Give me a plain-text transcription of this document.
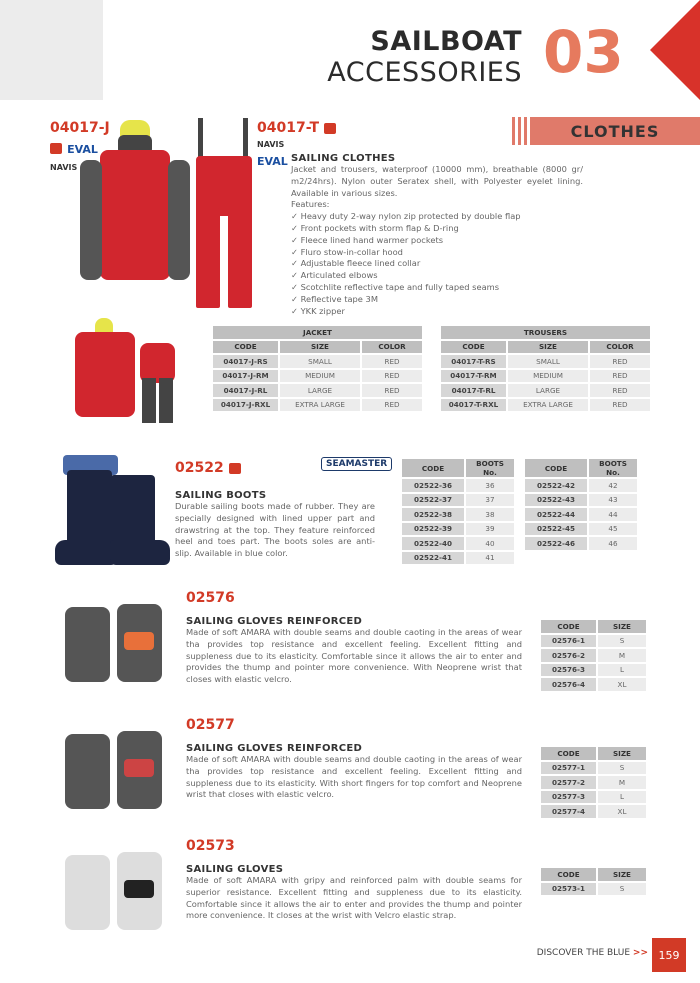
SAILBOAT
ACCESSORIES 03
CLOTHES
04017-J
EVAL
NAVIS
04017-T
NAVIS
EVAL SAILING CLOTHES

Jacket and trousers, waterproof (10000 mm), breathable (8000 gr/ m2/24hrs). Nylon outer Seratex shell, with Polyester eyelet lining. Available in various sizes.

Features:

✓ Heavy duty 2-way nylon zip protected by double flap
✓ Front pockets with storm flap & D-ring
✓ Fleece lined hand warmer pockets
✓ Fluro stow-in-collar hood
✓ Adjustable fleece lined collar
✓ Articulated elbows
✓ Scotchlite reflective tape and fully taped seams
✓ Reflective tape 3M
✓ YKK zipper
JACKET		
CODE	SIZE	COLOR
04017-J-RS	SMALL	RED
04017-J-RM	MEDIUM	RED
04017-J-RL	LARGE	RED
04017-J-RXL	EXTRA LARGE	RED
TROUSERS		
CODE	SIZE	COLOR
04017-T-RS	SMALL	RED
04017-T-RM	MEDIUM	RED
04017-T-RL	LARGE	RED
04017-T-RXL	EXTRA LARGE	RED
02522	SEAMASTER
SAILING BOOTS

Durable sailing boots made of rubber. They are specially designed with lined upper part and drawstring at the top. They feature reinforced heel and toes part. The boots soles are anti-slip. Available in blue color.

CODE	BOOTS No.
02522-36	36
02522-37	37
02522-38	38
02522-39	39
02522-40	40
02522-41	41
CODE	BOOTS No.
02522-42	42
02522-43	43
02522-44	44
02522-45	45
02522-46	46
02576
SAILING GLOVES REINFORCED

Made of soft AMARA with double seams and double caoting in the areas of wear tha provides top resistance and excellent feeling. Excellent fitting and suppleness due to its elasticity. Comfortable since it allows the air to enter and provides the thump and pointer more convenience. With Neoprene wrist that closes with elastic velcro.

CODE	SIZE
02576-1	S
02576-2	M
02576-3	L
02576-4	XL
02577
SAILING GLOVES REINFORCED

Made of soft AMARA with double seams and double caoting in the areas of wear tha provides top resistance and excellent feeling. Excellent fitting and suppleness due to its elasticity. With short fingers for top comfort and Neoprene wrist that closes with elastic velcro.

CODE	SIZE
02577-1	S
02577-2	M
02577-3	L
02577-4	XL
02573
SAILING GLOVES

Made of soft AMARA with gripy and reinforced palm with double seams for superior resistance. Excellent fitting and suppleness due to its elasticity. Comfortable since it allows the air to enter and provides the thump and pointer more convenience. It closes at the wrist with Velcro elastic strap.

CODE	SIZE
02573-1	S
DISCOVER THE BLUE >> 159
